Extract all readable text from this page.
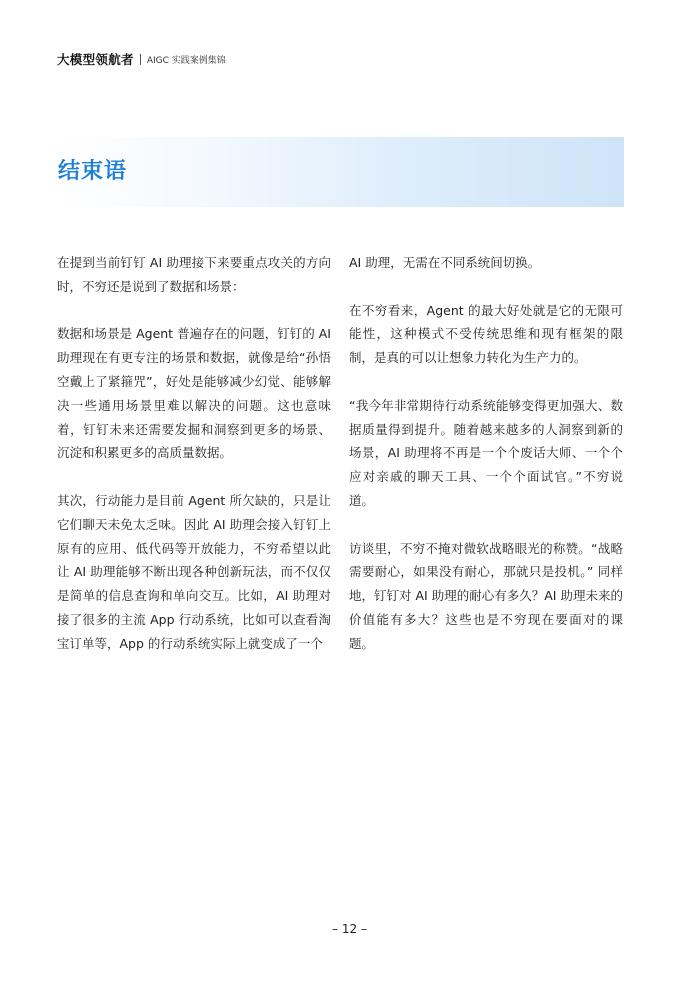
大模型领航者 AIGC 实践案例集锦
结束语

在提到当前钉钉 AI 助理接下来要重点攻关的方向时，不穷还是说到了数据和场景：

数据和场景是 Agent 普遍存在的问题，钉钉的 AI 助理现在有更专注的场景和数据，就像是给“孙悟空戴上了紧箍咒”，好处是能够减少幻觉、能够解决一些通用场景里难以解决的问题。这也意味着，钉钉未来还需要发掘和洞察到更多的场景、沉淀和积累更多的高质量数据。

其次，行动能力是目前 Agent 所欠缺的，只是让它们聊天未免太乏味。因此 AI 助理会接入钉钉上原有的应用、低代码等开放能力，不穷希望以此让 AI 助理能够不断出现各种创新玩法，而不仅仅是简单的信息查询和单向交互。比如，AI 助理对接了很多的主流 App 行动系统，比如可以查看淘宝订单等，App 的行动系统实际上就变成了一个

AI 助理，无需在不同系统间切换。

在不穷看来，Agent 的最大好处就是它的无限可能性，这种模式不受传统思维和现有框架的限制，是真的可以让想象力转化为生产力的。

“我今年非常期待行动系统能够变得更加强大、数据质量得到提升。随着越来越多的人洞察到新的场景，AI 助理将不再是一个个废话大师、一个个应对亲戚的聊天工具、一个个面试官。”不穷说道。

访谈里，不穷不掩对微软战略眼光的称赞。“战略需要耐心，如果没有耐心，那就只是投机。” 同样地，钉钉对 AI 助理的耐心有多久？AI 助理未来的价值能有多大？这些也是不穷现在要面对的课题。

– 12 –
